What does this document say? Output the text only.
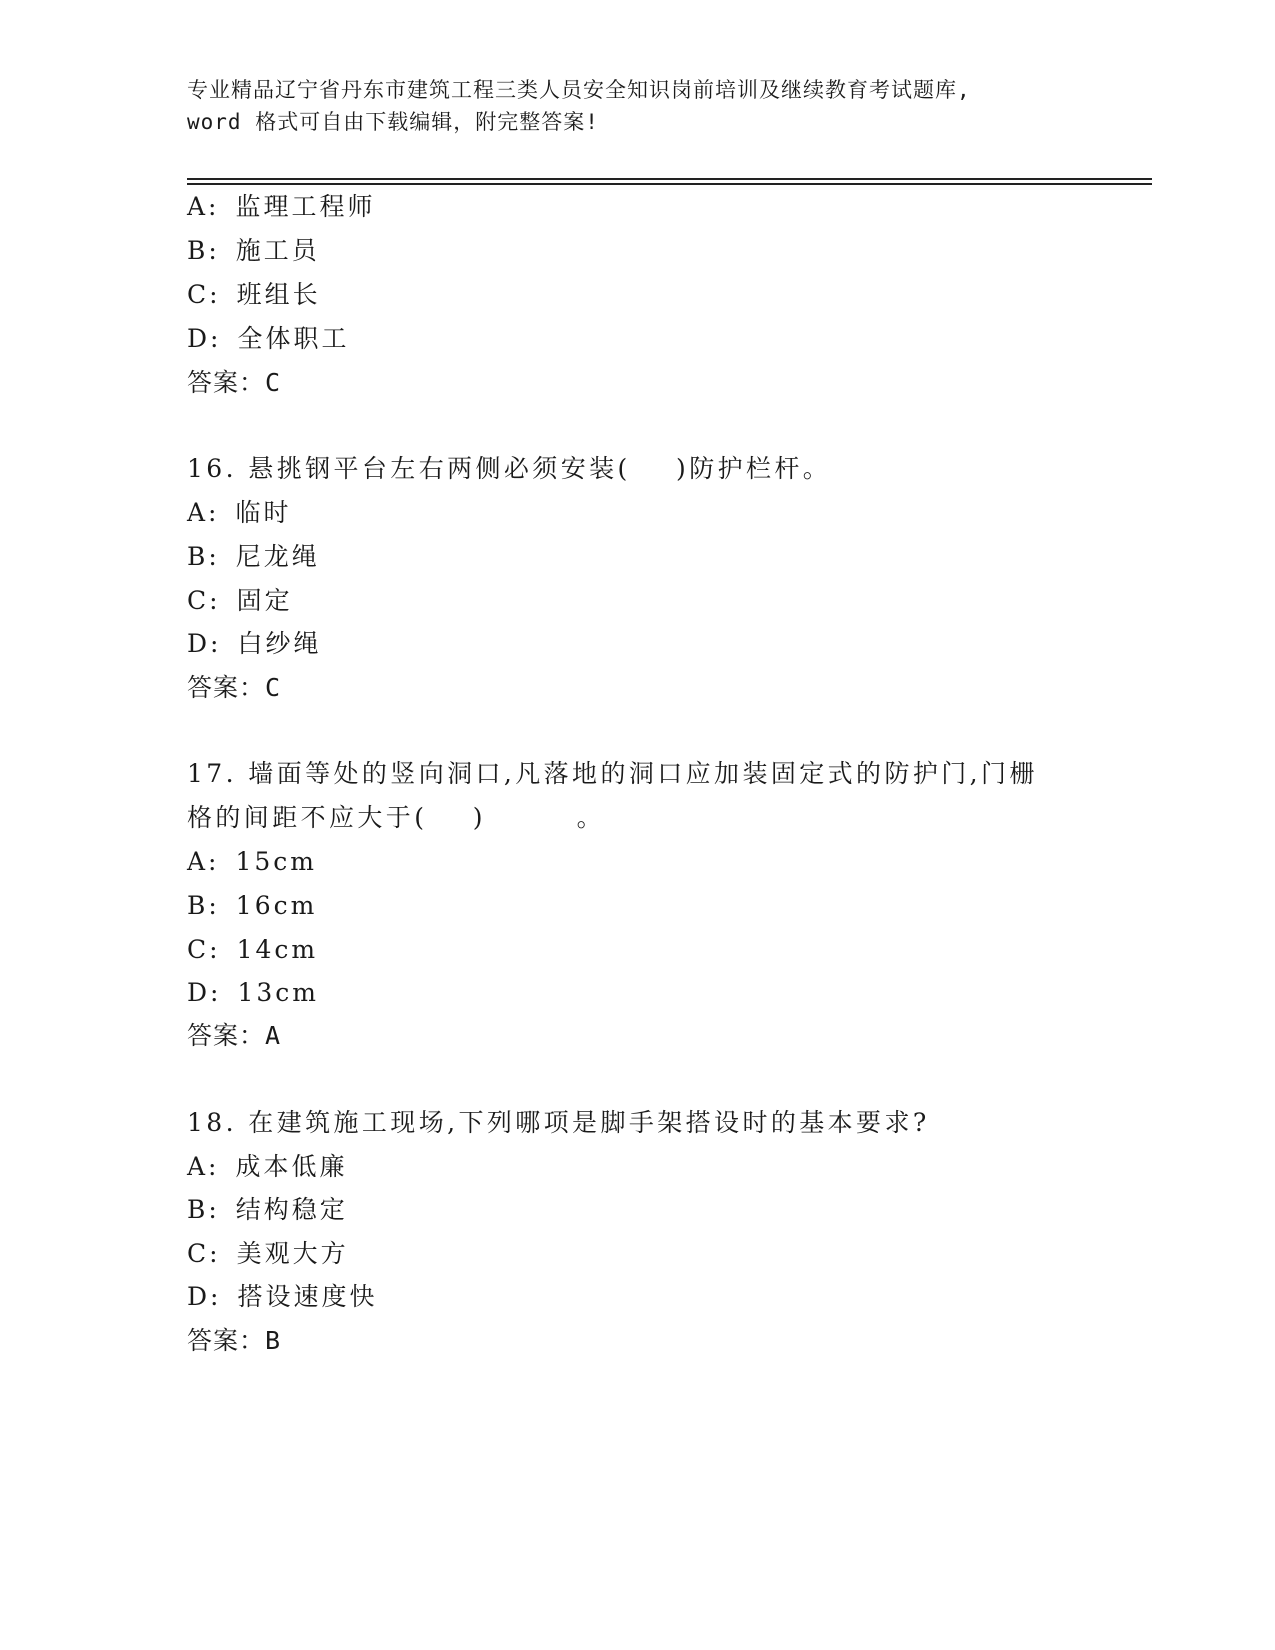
专业精品辽宁省丹东市建筑工程三类人员安全知识岗前培训及继续教育考试题库,
word 格式可自由下载编辑，附完整答案!
A: 监理工程师
B: 施工员
C: 班组长
D: 全体职工
答案：C
16. 悬挑钢平台左右两侧必须安装(    )防护栏杆。
A: 临时
B: 尼龙绳
C: 固定
D: 白纱绳
答案：C
17. 墙面等处的竖向洞口,凡落地的洞口应加装固定式的防护门,门栅
格的间距不应大于(    )        。
A: 15cm
B: 16cm
C: 14cm
D: 13cm
答案：A
18. 在建筑施工现场,下列哪项是脚手架搭设时的基本要求?
A: 成本低廉
B: 结构稳定
C: 美观大方
D: 搭设速度快
答案：B
